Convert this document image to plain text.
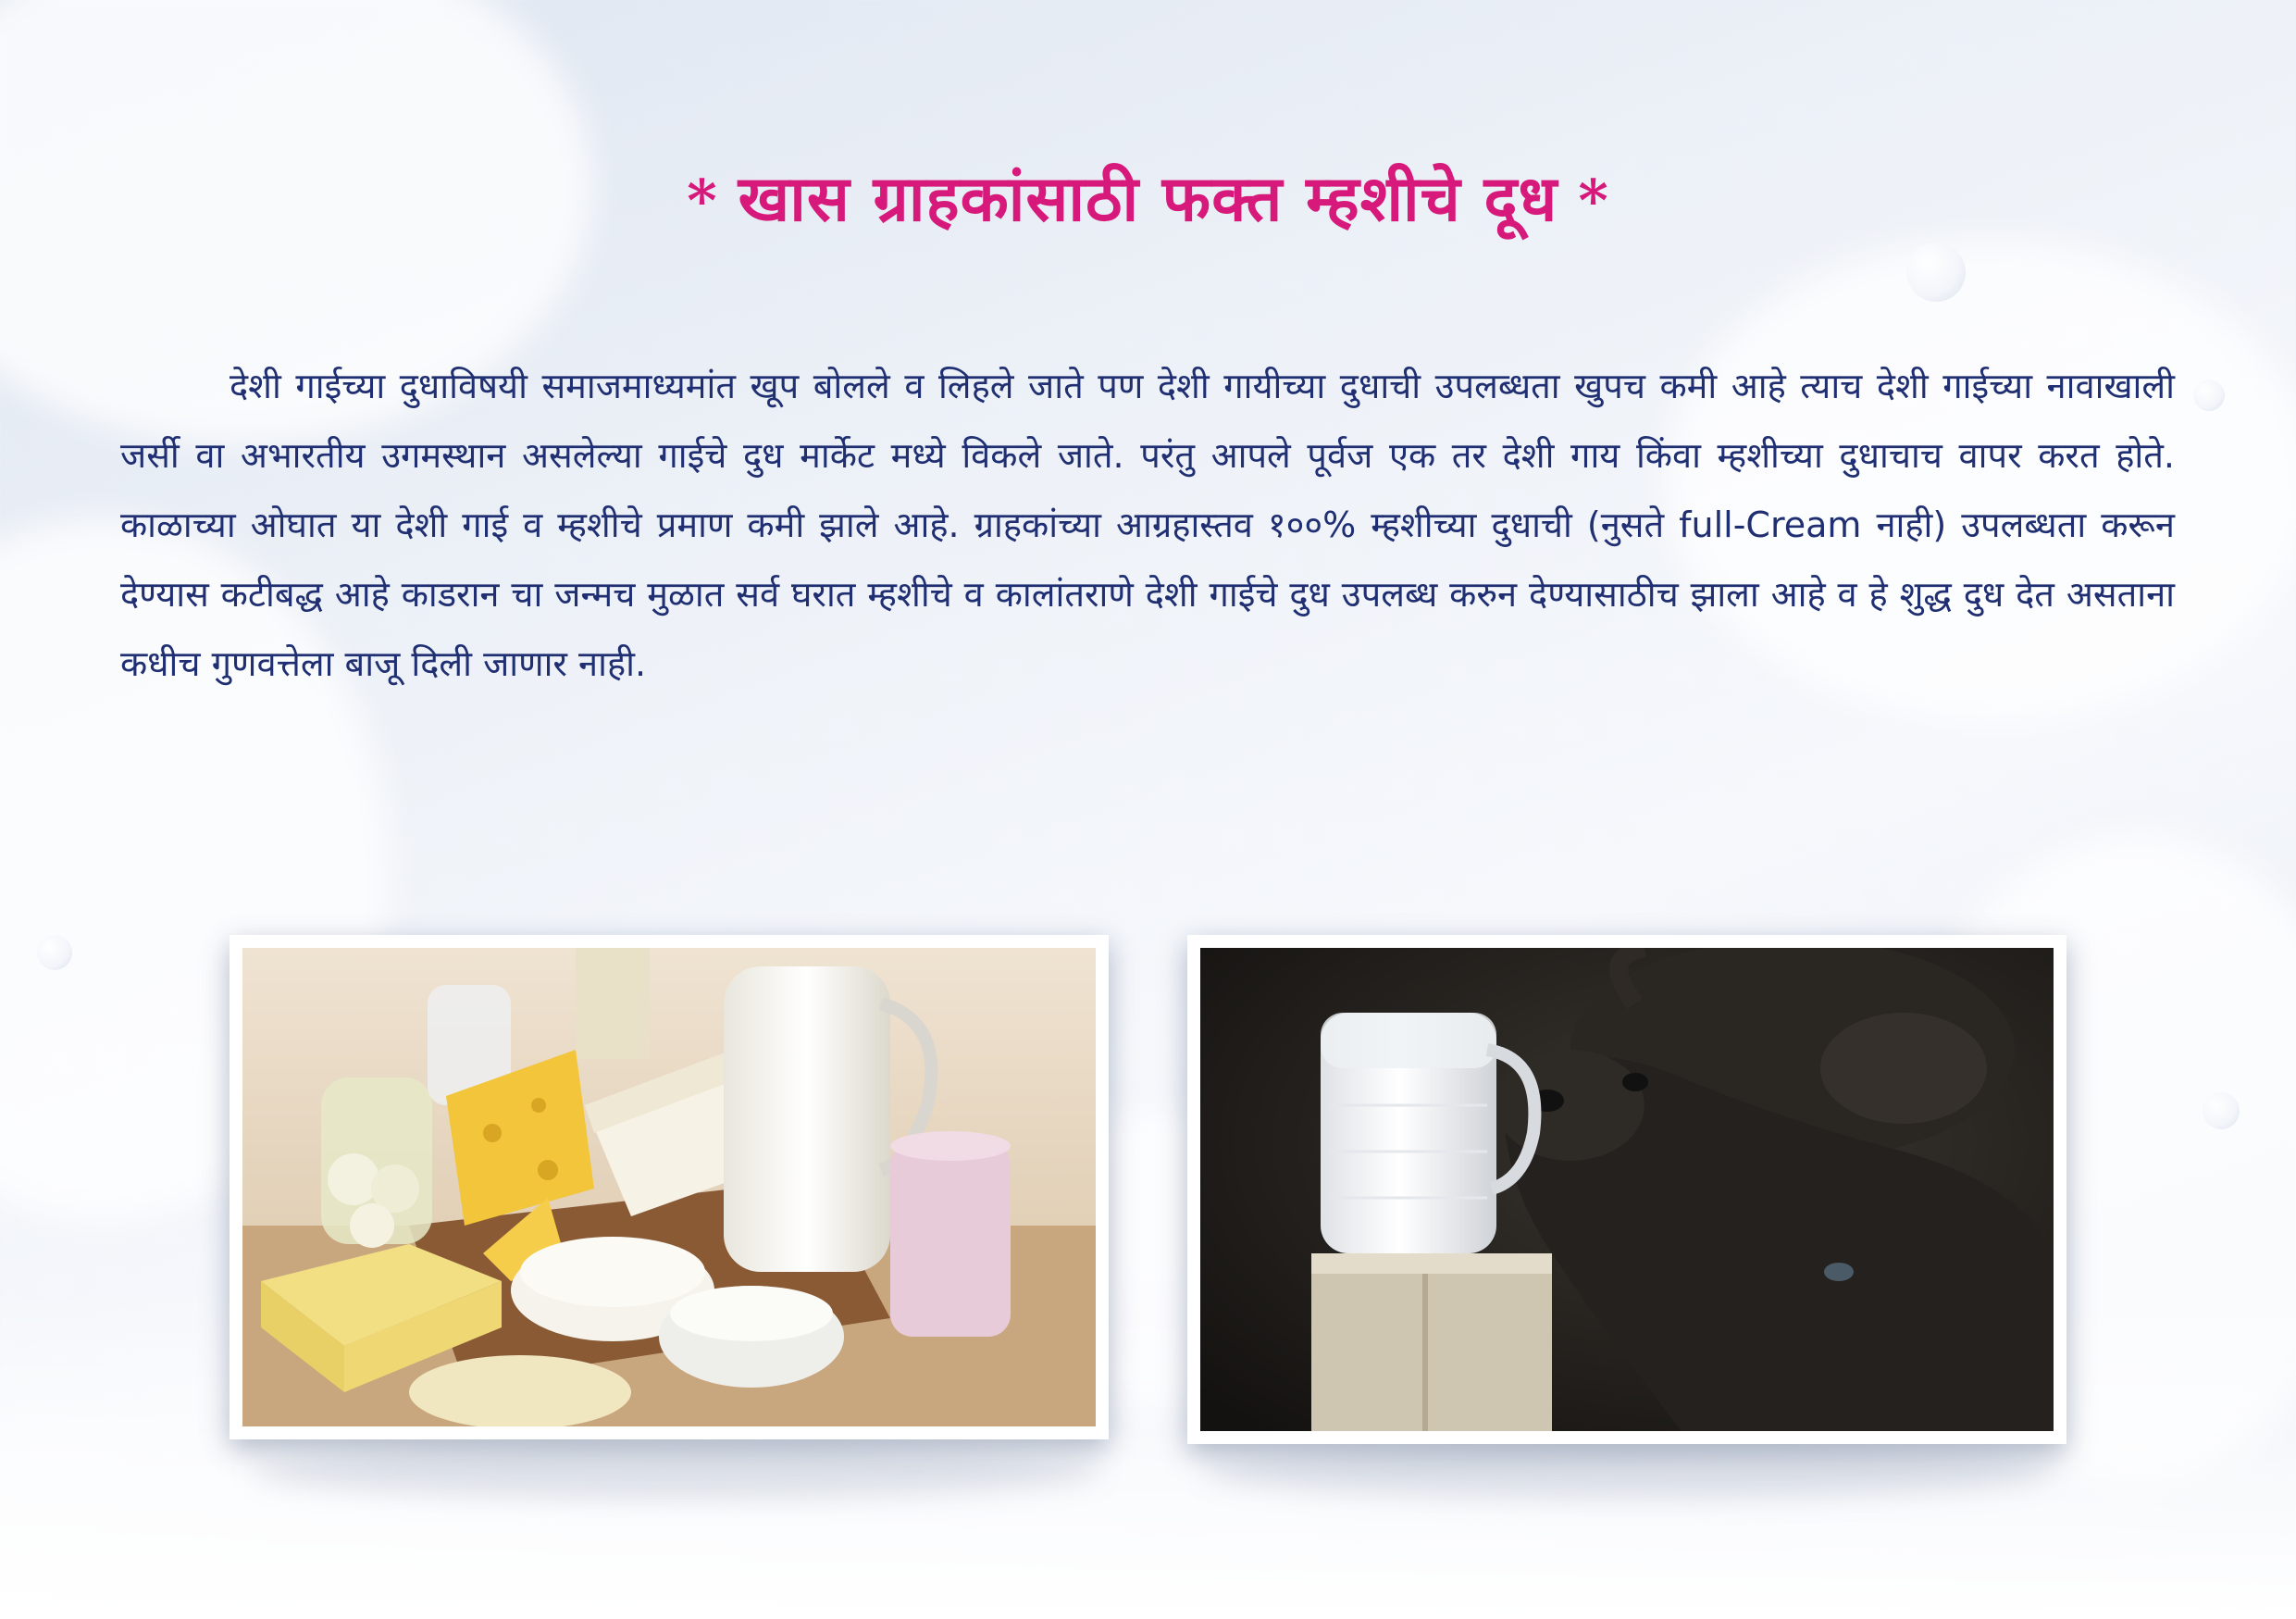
* खास ग्राहकांसाठी फक्त म्हशीचे दूध *

देशी गाईच्या दुधाविषयी समाजमाध्यमांत खूप बोलले व लिहले जाते पण देशी गायीच्या दुधाची उपलब्धता खुपच कमी आहे त्याच देशी गाईच्या नावाखाली जर्सी वा अभारतीय उगमस्थान असलेल्या गाईचे दुध मार्केट मध्ये विकले जाते. परंतु आपले पूर्वज एक तर देशी गाय किंवा म्हशीच्या दुधाचाच वापर करत होते. काळाच्या ओघात या देशी गाई व म्हशीचे प्रमाण कमी झाले आहे. ग्राहकांच्या आग्रहास्तव १००% म्हशीच्या दुधाची (नुसते full-Cream नाही) उपलब्धता करून देण्यास कटीबद्ध आहे काडरान चा जन्मच मुळात सर्व घरात म्हशीचे व कालांतराणे देशी गाईचे दुध उपलब्ध करुन देण्यासाठीच झाला आहे व हे शुद्ध दुध देत असताना कधीच गुणवत्तेला बाजू दिली जाणार नाही.
